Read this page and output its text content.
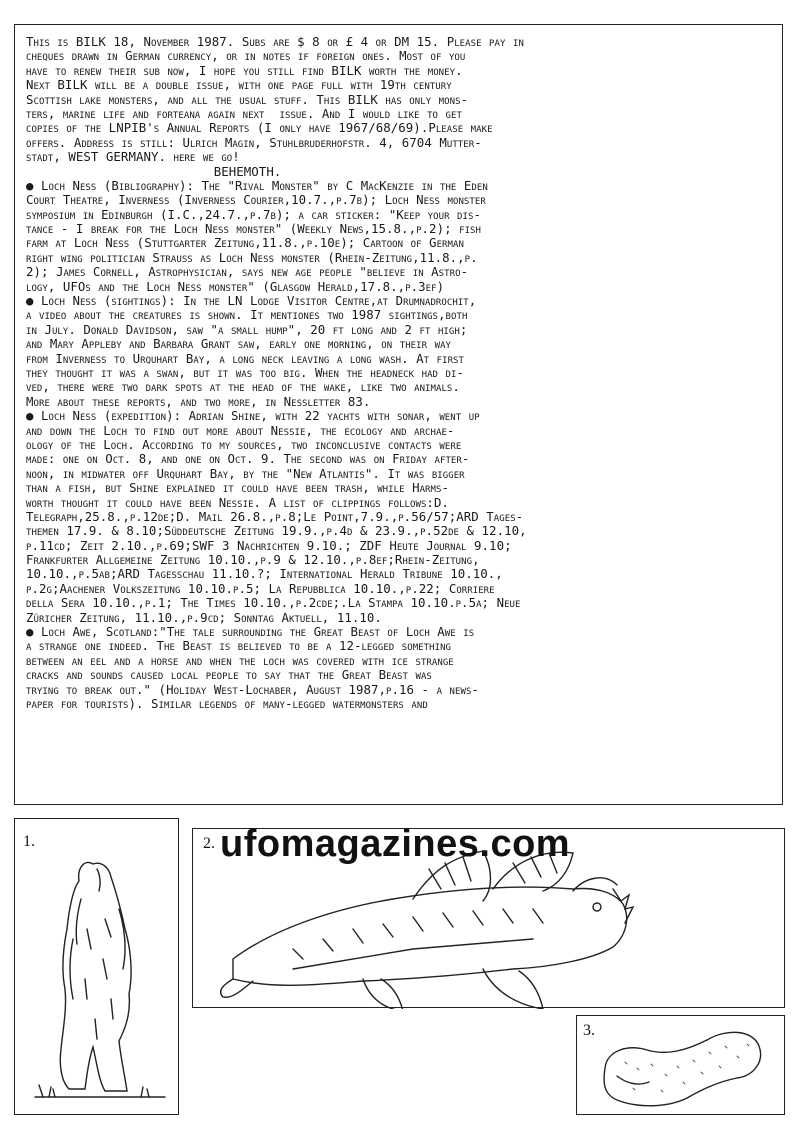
This is BILK 18, November 1987. Subs are $ 8 or £ 4 or DM 15. Please pay in
cheques drawn in German currency, or in notes if foreign ones. Most of you
have to renew their sub now, I hope you still find BILK worth the money.
Next BILK will be a double issue, with one page full with 19th century
Scottish lake monsters, and all the usual stuff. This BILK has only mons-
ters, marine life and forteana again next  issue. And I would like to get
copies of the LNPIB's Annual Reports (I only have 1967/68/69).Please make
offers. Address is still: Ulrich Magin, Stuhlbruderhofstr. 4, 6704 Mutter-
stadt, WEST GERMANY. here we go!
BEHEMOTH.
● Loch Ness (Bibliography): The "Rival Monster" by C MacKenzie in the Eden
Court Theatre, Inverness (Inverness Courier,10.7.,p.7b); Loch Ness monster
symposium in Edinburgh (I.C.,24.7.,p.7b); a car sticker: "Keep your dis-
tance - I break for the Loch Ness monster" (Weekly News,15.8.,p.2); fish
farm at Loch Ness (Stuttgarter Zeitung,11.8.,p.10e); Cartoon of German
right wing politician Strauss as Loch Ness monster (Rhein-Zeitung,11.8.,p.
2); James Cornell, Astrophysician, says new age people "believe in Astro-
logy, UFOs and the Loch Ness monster" (Glasgow Herald,17.8.,p.3ef)
● Loch Ness (sightings): In the LN Lodge Visitor Centre,at Drumnadrochit,
a video about the creatures is shown. It mentiones two 1987 sightings,both
in July. Donald Davidson, saw "a small hump", 20 ft long and 2 ft high;
and Mary Appleby and Barbara Grant saw, early one morning, on their way
from Inverness to Urquhart Bay, a long neck leaving a long wash. At first
they thought it was a swan, but it was too big. When the headneck had di-
ved, there were two dark spots at the head of the wake, like two animals.
More about these reports, and two more, in Nessletter 83.
● Loch Ness (expedition): Adrian Shine, with 22 yachts with sonar, went up
and down the Loch to find out more about Nessie, the ecology and archae-
ology of the Loch. According to my sources, two inconclusive contacts were
made: one on Oct. 8, and one on Oct. 9. The second was on Friday after-
noon, in midwater off Urquhart Bay, by the "New Atlantis". It was bigger
than a fish, but Shine explained it could have been trash, while Harms-
worth thought it could have been Nessie. A list of clippings follows:D.
Telegraph,25.8.,p.12de;D. Mail 26.8.,p.8;Le Point,7.9.,p.56/57;ARD Tages-
themen 17.9. & 8.10;Süddeutsche Zeitung 19.9.,p.4d & 23.9.,p.52de & 12.10,
p.11cd; Zeit 2.10.,p.69;SWF 3 Nachrichten 9.10.; ZDF Heute Journal 9.10;
Frankfurter Allgemeine Zeitung 10.10.,p.9 & 12.10.,p.8ef;Rhein-Zeitung,
10.10.,p.5ab;ARD Tagesschau 11.10.?; International Herald Tribune 10.10.,
p.2g;Aachener Volkszeitung 10.10.p.5; La Repubblica 10.10.,p.22; Corriere
della Sera 10.10.,p.1; The Times 10.10.,p.2cde;.La Stampa 10.10.p.5a; Neue
Züricher Zeitung, 11.10.,p.9cd; Sonntag Aktuell, 11.10.
● Loch Awe, Scotland:"The tale surrounding the Great Beast of Loch Awe is
a strange one indeed. The Beast is believed to be a 12-legged something
between an eel and a horse and when the loch was covered with ice strange
cracks and sounds caused local people to say that the Great Beast was
trying to break out." (Holiday West-Lochaber, August 1987,p.16 - a news-
paper for tourists). Similar legends of many-legged watermonsters and
1.	2.
3.
ufomagazines.com
